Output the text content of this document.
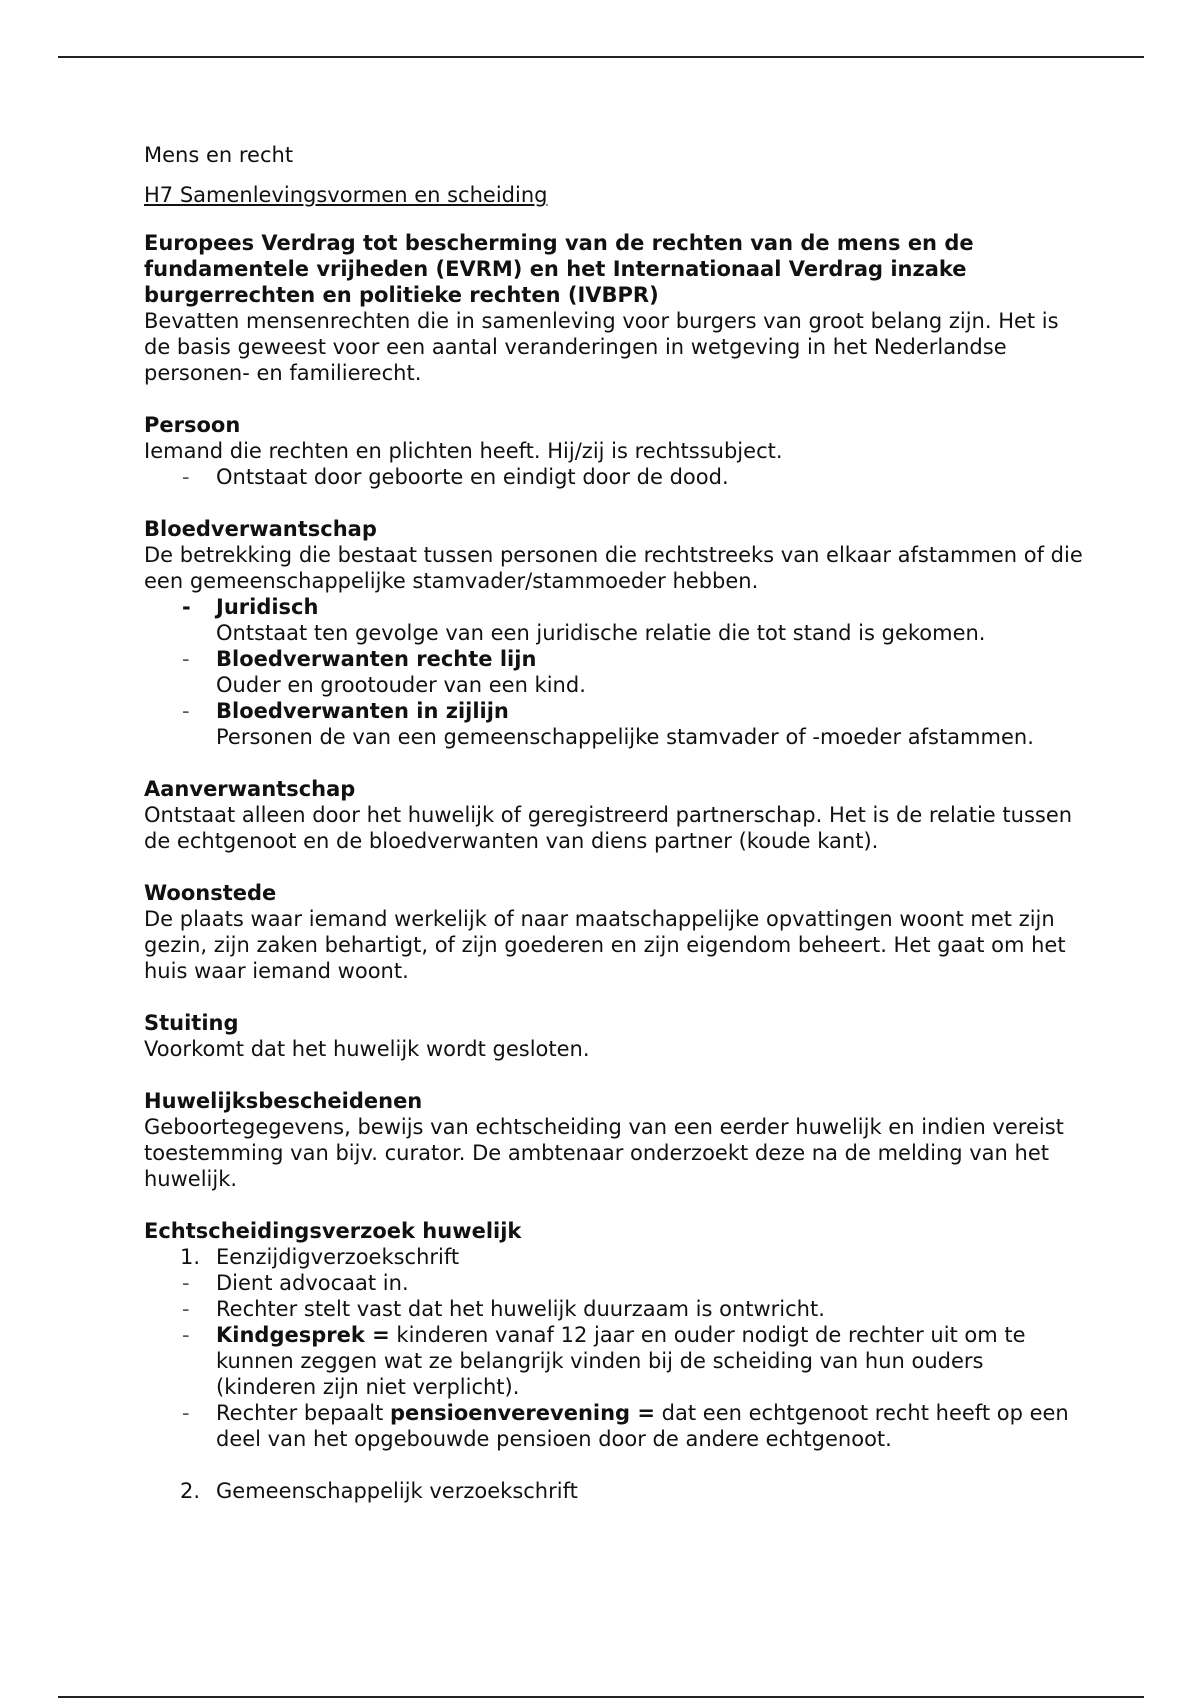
Mens en recht

H7 Samenlevingsvormen en scheiding

Europees Verdrag tot bescherming van de rechten van de mens en de fundamentele vrijheden (EVRM) en het Internationaal Verdrag inzake burgerrechten en politieke rechten (IVBPR)

Bevatten mensenrechten die in samenleving voor burgers van groot belang zijn. Het is de basis geweest voor een aantal veranderingen in wetgeving in het Nederlandse personen- en familierecht.

Persoon

Iemand die rechten en plichten heeft. Hij/zij is rechtssubject.

- Ontstaat door geboorte en eindigt door de dood.

Bloedverwantschap

De betrekking die bestaat tussen personen die rechtstreeks van elkaar afstammen of die een gemeenschappelijke stamvader/stammoeder hebben.

- Juridisch
Ontstaat ten gevolge van een juridische relatie die tot stand is gekomen.
- Bloedverwanten rechte lijn
Ouder en grootouder van een kind.
- Bloedverwanten in zijlijn
Personen de van een gemeenschappelijke stamvader of -moeder afstammen.

Aanverwantschap

Ontstaat alleen door het huwelijk of geregistreerd partnerschap. Het is de relatie tussen de echtgenoot en de bloedverwanten van diens partner (koude kant).

Woonstede

De plaats waar iemand werkelijk of naar maatschappelijke opvattingen woont met zijn gezin, zijn zaken behartigt, of zijn goederen en zijn eigendom beheert. Het gaat om het huis waar iemand woont.

Stuiting

Voorkomt dat het huwelijk wordt gesloten.

Huwelijksbescheidenen

Geboortegegevens, bewijs van echtscheiding van een eerder huwelijk en indien vereist toestemming van bijv. curator. De ambtenaar onderzoekt deze na de melding van het huwelijk.

Echtscheidingsverzoek huwelijk

1. Eenzijdigverzoekschrift
- Dient advocaat in.
- Rechter stelt vast dat het huwelijk duurzaam is ontwricht.
- Kindgesprek = kinderen vanaf 12 jaar en ouder nodigt de rechter uit om te kunnen zeggen wat ze belangrijk vinden bij de scheiding van hun ouders (kinderen zijn niet verplicht).
- Rechter bepaalt pensioenverevening = dat een echtgenoot recht heeft op een deel van het opgebouwde pensioen door de andere echtgenoot.
2. Gemeenschappelijk verzoekschrift
